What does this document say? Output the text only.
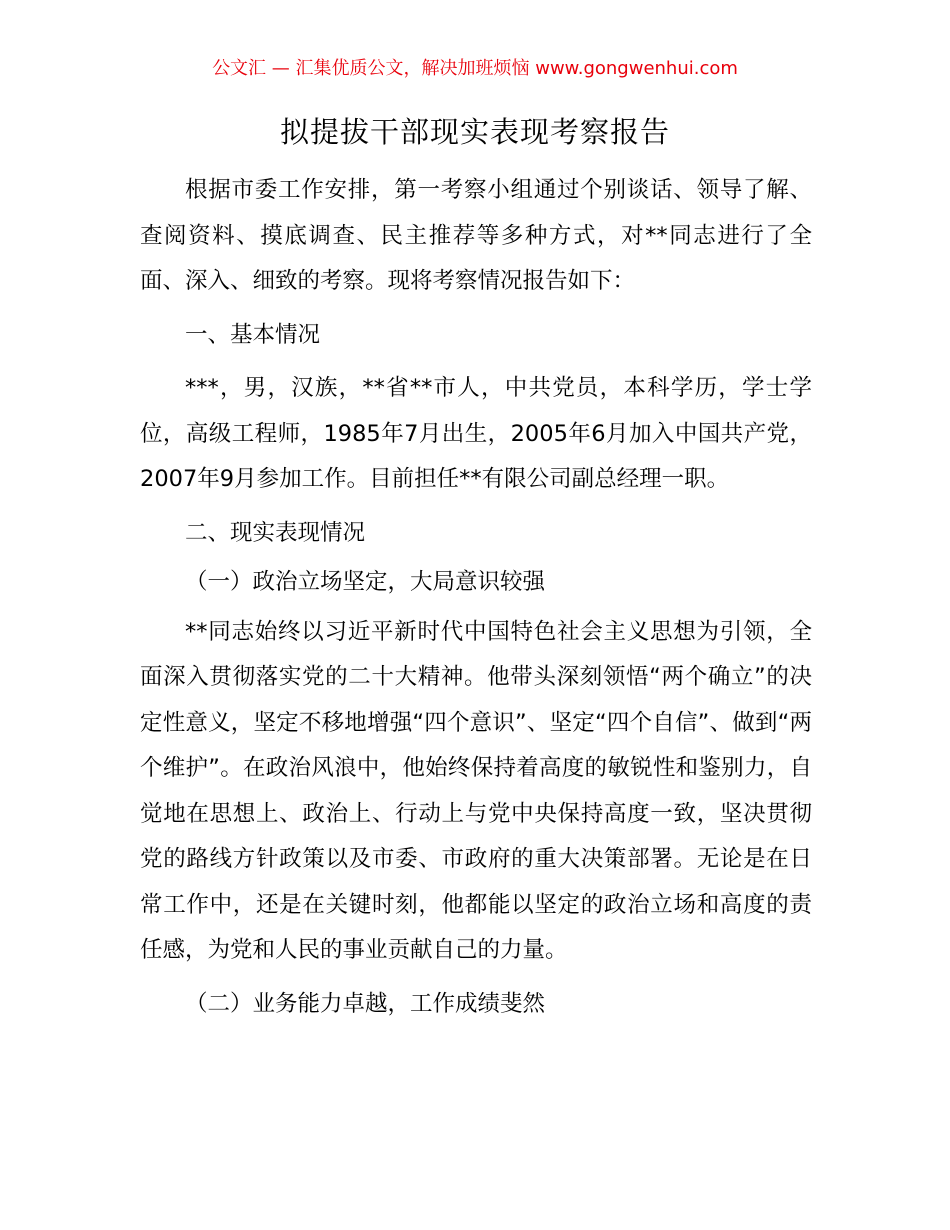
公文汇 — 汇集优质公文，解决加班烦恼 www.gongwenhui.com
拟提拔干部现实表现考察报告

根据市委工作安排，第一考察小组通过个别谈话、领导了解、查阅资料、摸底调查、民主推荐等多种方式，对**同志进行了全面、深入、细致的考察。现将考察情况报告如下：

一、基本情况

***，男，汉族，**省**市人，中共党员，本科学历，学士学位，高级工程师，1985年7月出生，2005年6月加入中国共产党，2007年9月参加工作。目前担任**有限公司副总经理一职。

二、现实表现情况

（一）政治立场坚定，大局意识较强

**同志始终以习近平新时代中国特色社会主义思想为引领，全面深入贯彻落实党的二十大精神。他带头深刻领悟“两个确立”的决定性意义，坚定不移地增强“四个意识”、坚定“四个自信”、做到“两个维护”。在政治风浪中，他始终保持着高度的敏锐性和鉴别力，自觉地在思想上、政治上、行动上与党中央保持高度一致，坚决贯彻党的路线方针政策以及市委、市政府的重大决策部署。无论是在日常工作中，还是在关键时刻，他都能以坚定的政治立场和高度的责任感，为党和人民的事业贡献自己的力量。

（二）业务能力卓越，工作成绩斐然
